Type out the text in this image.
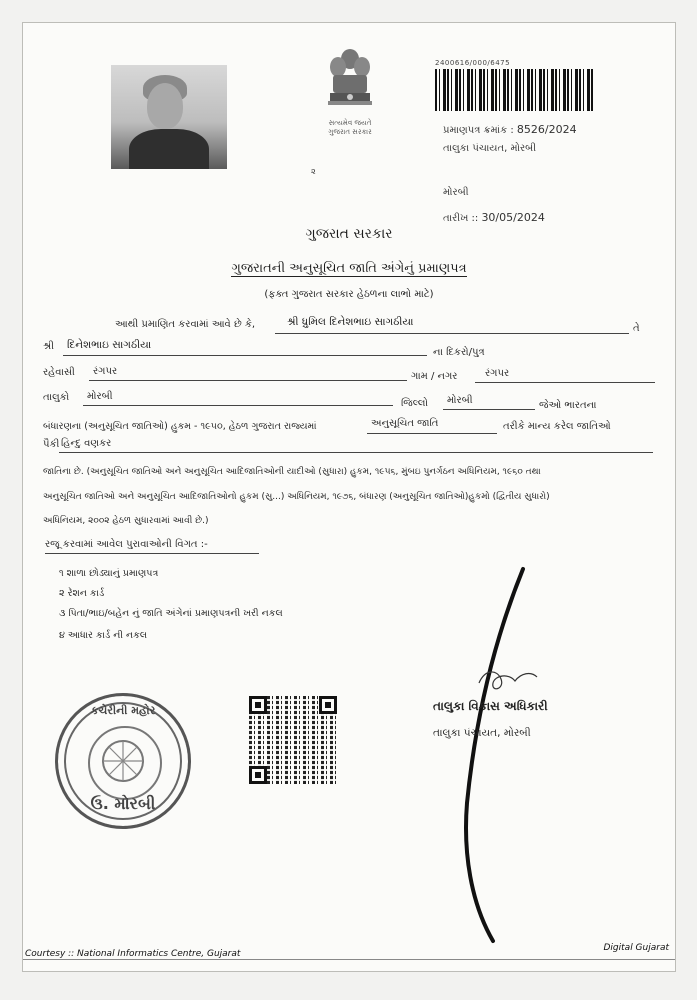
સત્યમેવ જયતે
ગુજરાત સરકાર
2400616/000/6475
પ્રમાણપત્ર ક્રમાંક : 8526/2024
તાલુકા પંચાયત, મોરબી
૨
મોરબી
તારીખ :: 30/05/2024
ગુજરાત સરકાર
ગુજરાતની અનુસૂચિત જાતિ અંગેનું પ્રમાણપત્ર
(ફક્ત ગુજરાત સરકાર હેઠળના લાભો માટે)
આથી પ્રમાણિત કરવામાં આવે છે કે,	શ્રી ધ્રુમિલ દિનેશભાઇ સાગઠીયા
તે
શ્રી દિનેશભાઇ સાગઠીયા
ના દિકરો/પુત્ર
રહેવાસી રંગપર	ગામ / નગર	રંગપર
તાલુકો મોરબી
જિલ્લો મોરબી	જેઓ ભારતના
બંધારણના (અનુસૂચિત જાતિઓ) હુકમ - ૧૯૫૦, હેઠળ ગુજરાત રાજ્યમાં	અનુસૂચિત જાતિ	તરીકે માન્ય કરેલ જાતિઓ
પૈકી હિન્દુ વણકર
જાતિના છે. (અનુસૂચિત જાતિઓ અને અનુસૂચિત આદિજાતિઓની યાદીઓ (સુધારા) હુકમ, ૧૯૫૬, મુંબઇ પુનર્ગઠન અધિનિયમ, ૧૯૬૦ તથા
અનુસૂચિત જાતિઓ અને અનુસૂચિત આદિજાતિઓનો હુકમ (સુ...) અધિનિયમ, ૧૯૭૬, બંધારણ (અનુસૂચિત જાતિઓ)હુકમો (દ્વિતીય સુધારો)
અધિનિયમ, ૨૦૦૨ હેઠળ સુધારવામાં આવી છે.)
રજૂ કરવામાં આવેલ પુરાવાઓની વિગત :-
૧ શાળા છોડ્યાનું પ્રમાણપત્ર
૨ રેશન કાર્ડ
૩ પિતા/ભાઇ/બહેન નું જાતિ અંગેનાં પ્રમાણપત્રની ખરી નકલ
૪ આધાર કાર્ડ ની નકલ
કચેરીની મહોર
ઉ. મોરબી
તાલુકા વિકાસ અધિકારી
તાલુકા પંચાયત, મોરબી
Courtesy :: National Informatics Centre, Gujarat
Digital Gujarat
